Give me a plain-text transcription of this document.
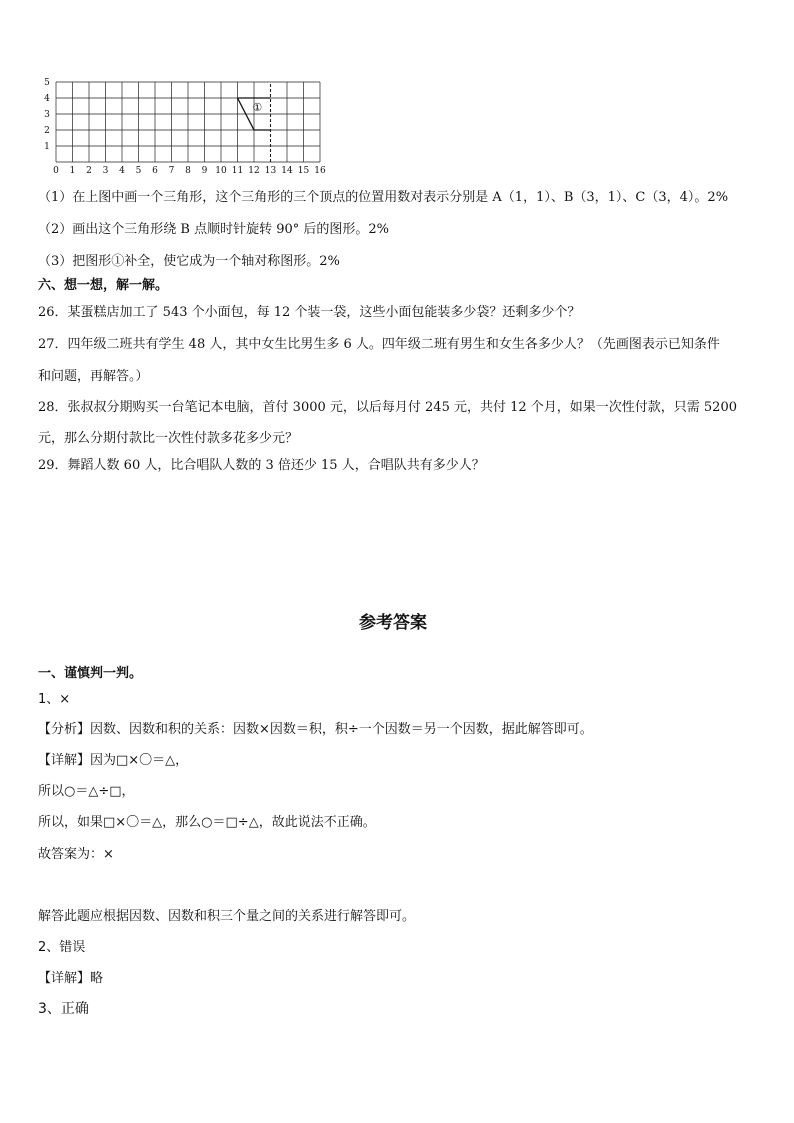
0 1 2 3 4 5 6 7 8 9 10 11 12 13 14 15 16
1
2
3
4
5
①
（1）在上图中画一个三角形，这个三角形的三个顶点的位置用数对表示分别是 A（1，1）、B（3，1）、C（3，4）。2%
（2）画出这个三角形绕 B 点顺时针旋转 90° 后的图形。2%
（3）把图形①补全，使它成为一个轴对称图形。2%
六、想一想，解一解。
26．某蛋糕店加工了 543 个小面包，每 12 个装一袋，这些小面包能装多少袋？还剩多少个？
27．四年级二班共有学生 48 人，其中女生比男生多 6 人。四年级二班有男生和女生各多少人？（先画图表示已知条件
和问题，再解答。）
28．张叔叔分期购买一台笔记本电脑，首付 3000 元，以后每月付 245 元，共付 12 个月，如果一次性付款，只需 5200
元，那么分期付款比一次性付款多花多少元？
29．舞蹈人数 60 人，比合唱队人数的 3 倍还少 15 人，合唱队共有多少人？
参考答案
一、谨慎判一判。
1、×
【分析】因数、因数和积的关系：因数×因数＝积，积÷一个因数＝另一个因数，据此解答即可。
【详解】因为□×〇＝△，
所以○＝△÷□，
所以，如果□×〇＝△，那么○＝□÷△，故此说法不正确。
故答案为：×
解答此题应根据因数、因数和积三个量之间的关系进行解答即可。
2、错误
【详解】略
3、正确
